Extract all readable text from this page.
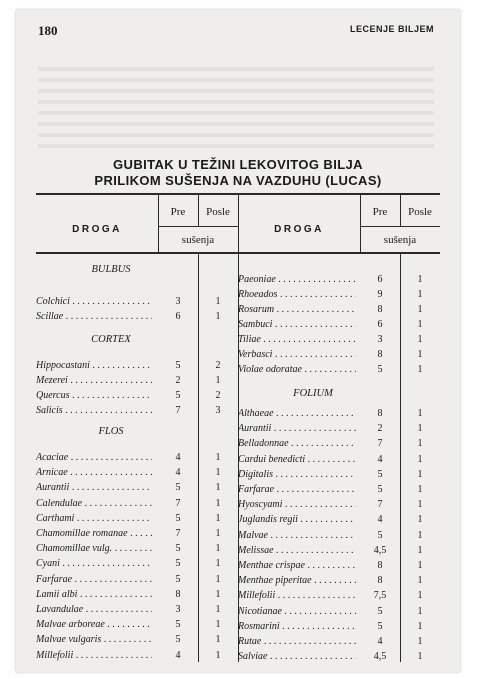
180	LECENJE BILJEM
GUBITAK U TEŽINI LEKOVITOG BILJA
PRILIKOM SUŠENJA NA VAZDUHU (LUCAS)
DROGA
Pre	Posle
sušenja
DROGA
Pre	Posle
sušenja
BULBUS
CORTEX
FLOS
FOLIUM
Colchici . . .	3	1
Scillae . . .	6	1
Hippocastani . . .	5	2
Mezerei . . .	2	1
Quercus . . .	5	2
Salicis . . .	7	3
Acaciae . . .	4	1
Arnicae . . .	4	1
Aurantii . . .	5	1
Calendulae . . .	7	1
Carthami . . .	5	1
Chamomillae romanae . . .	7	1
Chamomillae vulg. . . .	5	1
Cyani . . .	5	1
Farfarae . . .	5	1
Lamii albi . . .	8	1
Lavandulae . . .	3	1
Malvae arboreae . . .	5	1
Malvae vulgaris . . .	5	1
Millefolii . . .	4	1
Paeoniae . . .	6	1
Rhoeados . . .	9	1
Rosarum . . .	8	1
Sambuci . . .	6	1
Tiliae . . .	3	1
Verbasci . . .	8	1
Violae odoratae . . .	5	1
Althaeae . . .	8	1
Aurantii . . .	2	1
Belladonnae . . .	7	1
Cardui benedicti . . .	4	1
Digitalis . . .	5	1
Farfarae . . .	5	1
Hyoscyami . . .	7	1
Juglandis regii . . .	4	1
Malvae . . .	5	1
Melissae . . .	4,5	1
Menthae crispae . . .	8	1
Menthae piperitae . . .	8	1
Millefolii . . .	7,5	1
Nicotianae . . .	5	1
Rosmarini . . .	5	1
Rutae . . .	4	1
Salviae . . .	4,5	1
